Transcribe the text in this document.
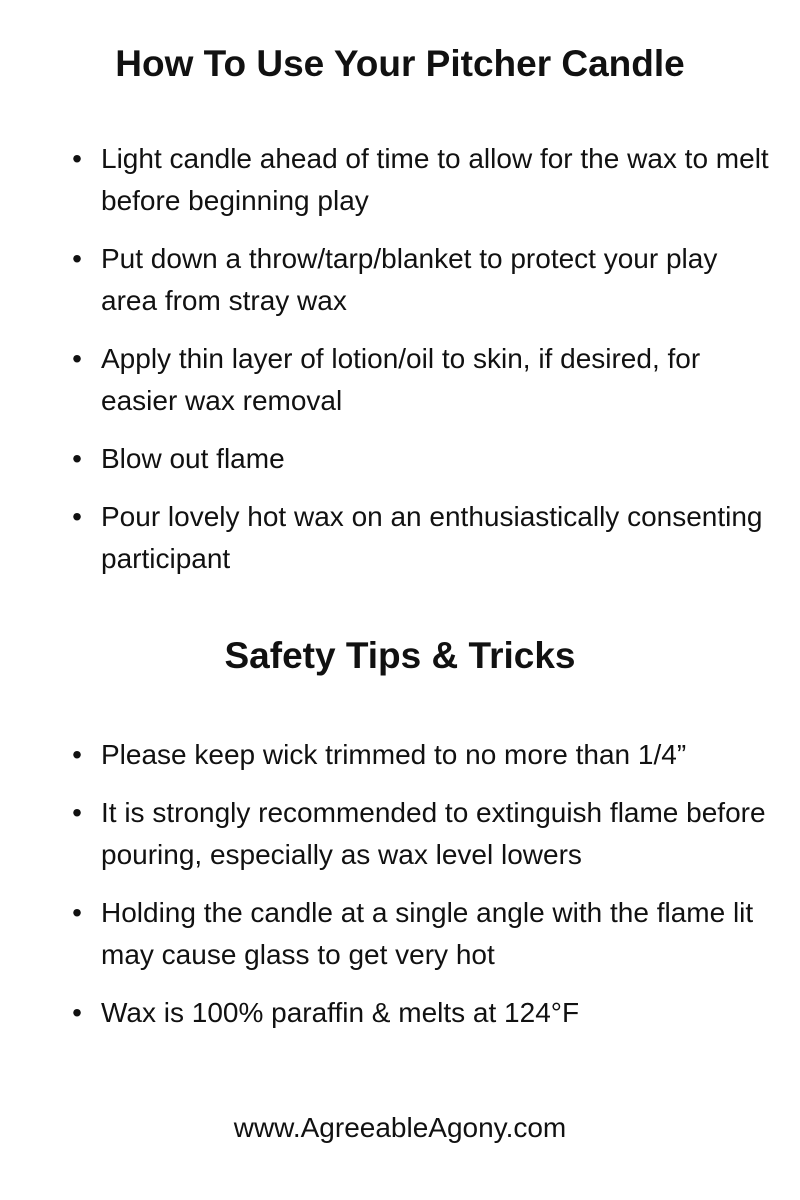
How To Use Your Pitcher Candle
• Light candle ahead of time to allow for the wax to melt before beginning play
• Put down a throw/tarp/blanket to protect your play area from stray wax
• Apply thin layer of lotion/oil to skin, if desired, for easier wax removal
• Blow out flame
• Pour lovely hot wax on an enthusiastically consenting participant
Safety Tips & Tricks
• Please keep wick trimmed to no more than 1/4”
• It is strongly recommended to extinguish flame before pouring, especially as wax level lowers
• Holding the candle at a single angle with the flame lit may cause glass to get very hot
• Wax is 100% paraffin & melts at 124°F
www.AgreeableAgony.com
